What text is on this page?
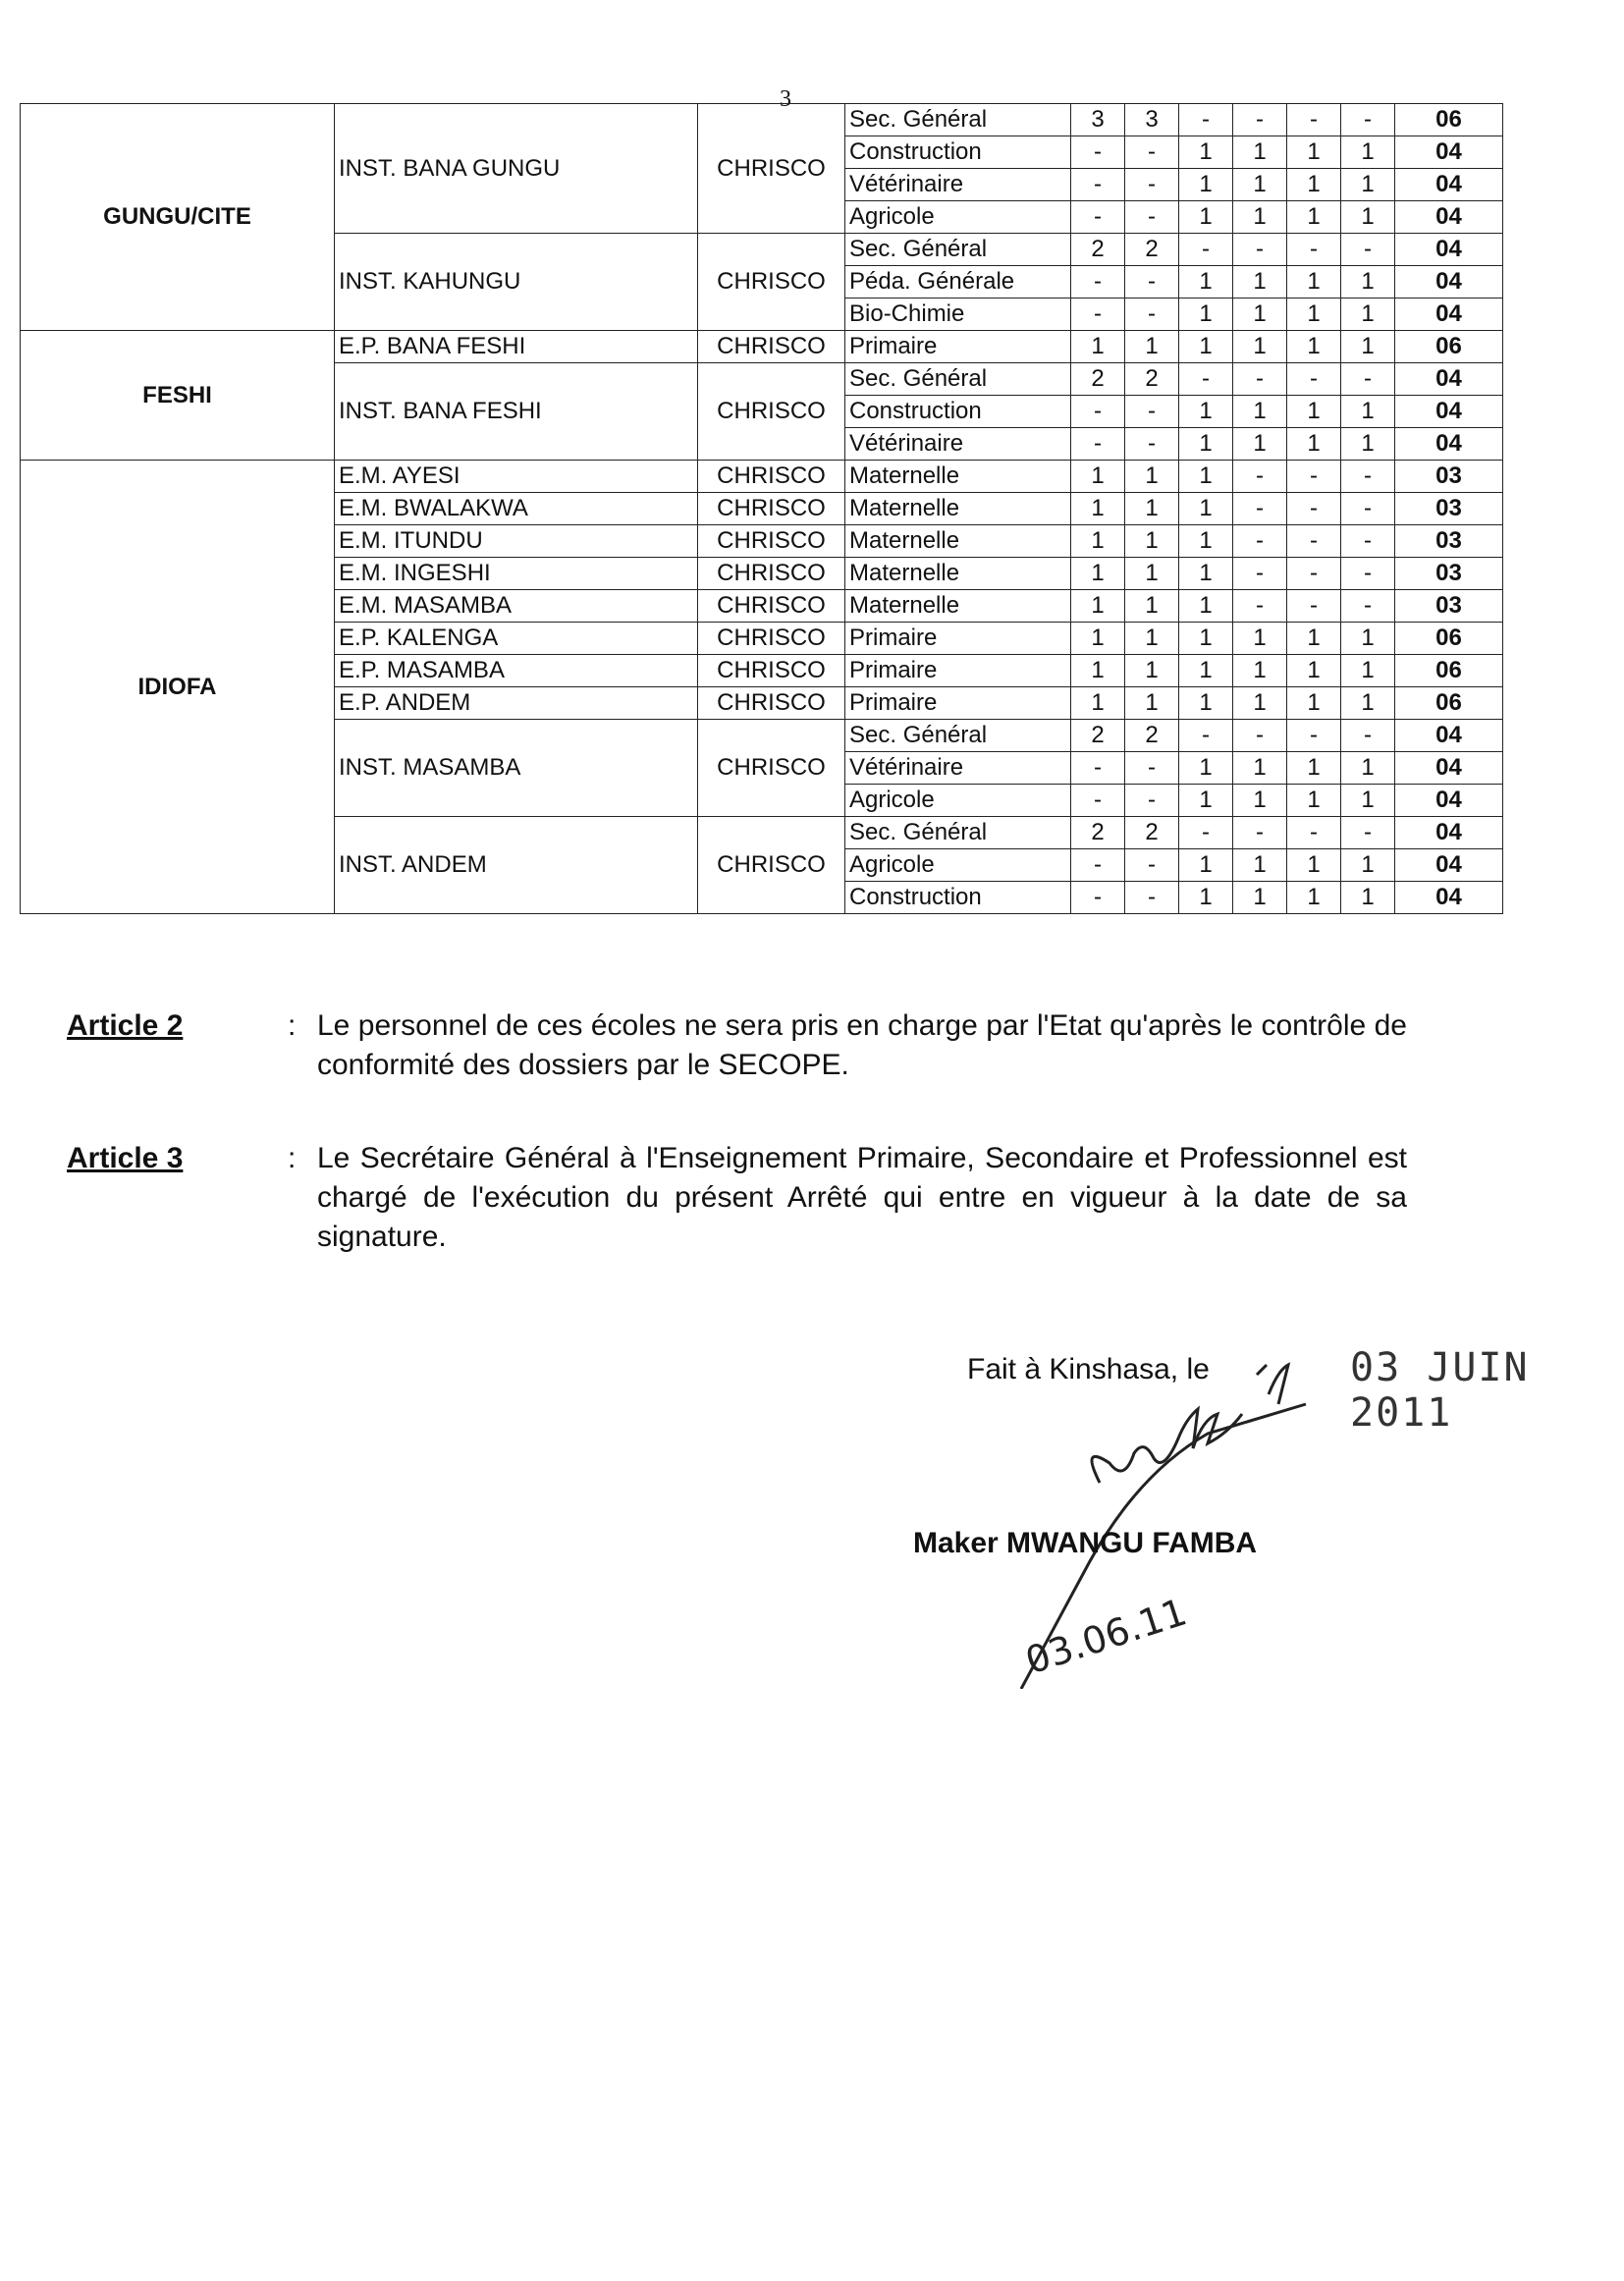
3
GUNGU/CITE	INST. BANA GUNGU	CHRISCO	Sec. Général	3	3	-	-	-	-	06
			Construction	-	-	1	1	1	1	04
			Vétérinaire	-	-	1	1	1	1	04
			Agricole	-	-	1	1	1	1	04
	INST. KAHUNGU	CHRISCO	Sec. Général	2	2	-	-	-	-	04
			Péda. Générale	-	-	1	1	1	1	04
			Bio-Chimie	-	-	1	1	1	1	04
FESHI	E.P. BANA FESHI	CHRISCO	Primaire	1	1	1	1	1	1	06
	INST. BANA FESHI	CHRISCO	Sec. Général	2	2	-	-	-	-	04
			Construction	-	-	1	1	1	1	04
			Vétérinaire	-	-	1	1	1	1	04
IDIOFA	E.M. AYESI	CHRISCO	Maternelle	1	1	1	-	-	-	03
	E.M. BWALAKWA	CHRISCO	Maternelle	1	1	1	-	-	-	03
	E.M. ITUNDU	CHRISCO	Maternelle	1	1	1	-	-	-	03
	E.M. INGESHI	CHRISCO	Maternelle	1	1	1	-	-	-	03
	E.M. MASAMBA	CHRISCO	Maternelle	1	1	1	-	-	-	03
	E.P. KALENGA	CHRISCO	Primaire	1	1	1	1	1	1	06
	E.P. MASAMBA	CHRISCO	Primaire	1	1	1	1	1	1	06
	E.P. ANDEM	CHRISCO	Primaire	1	1	1	1	1	1	06
	INST. MASAMBA	CHRISCO	Sec. Général	2	2	-	-	-	-	04
			Vétérinaire	-	-	1	1	1	1	04
			Agricole	-	-	1	1	1	1	04
	INST. ANDEM	CHRISCO	Sec. Général	2	2	-	-	-	-	04
			Agricole	-	-	1	1	1	1	04
			Construction	-	-	1	1	1	1	04
Article 2	: Le personnel de ces écoles ne sera pris en charge par l'Etat qu'après le contrôle de conformité des dossiers par le SECOPE.
Article 3	: Le Secrétaire Général à l'Enseignement Primaire, Secondaire et Professionnel est chargé de l'exécution du présent Arrêté qui entre en vigueur à la date de sa signature.
Fait à Kinshasa, le	03 JUIN 2011
03.06.11
Maker MWANGU FAMBA
